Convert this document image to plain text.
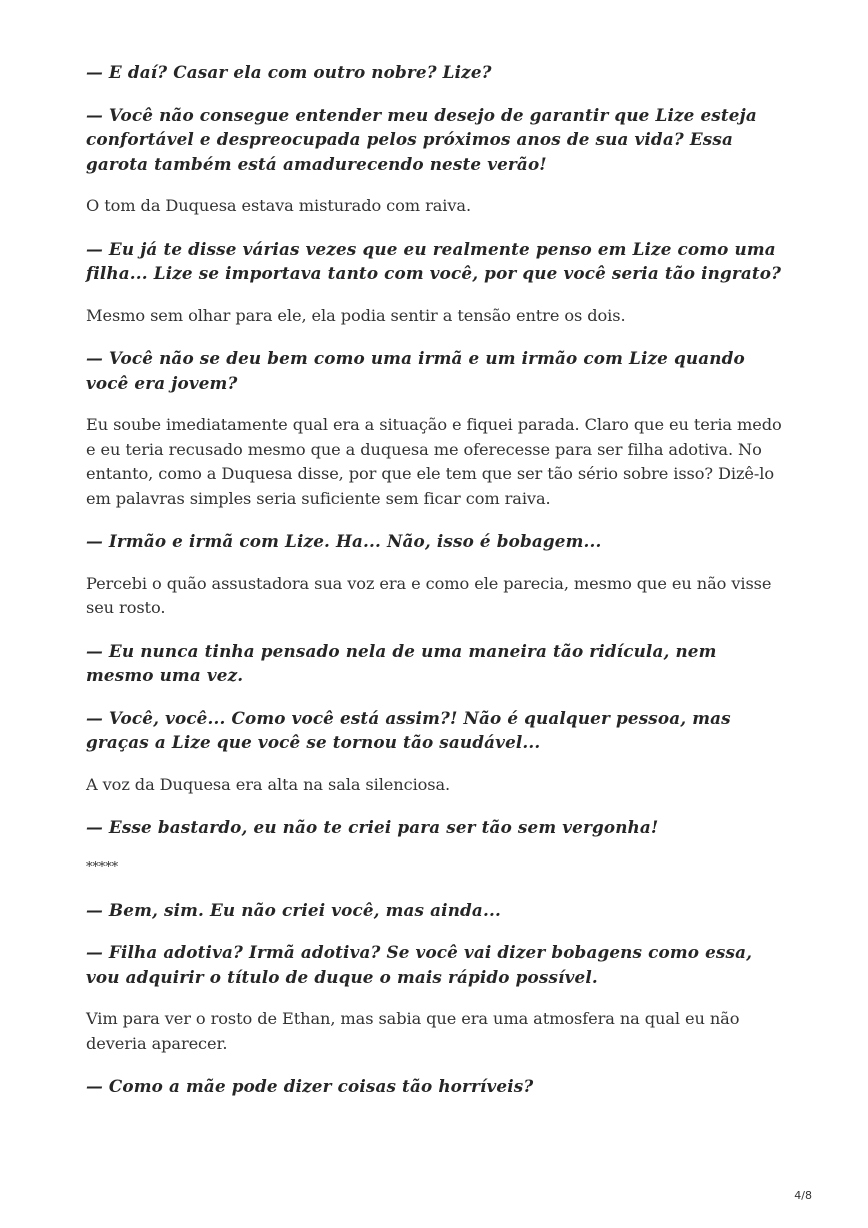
— E daí? Casar ela com outro nobre? Lize?

— Você não consegue entender meu desejo de garantir que Lize esteja confortável e despreocupada pelos próximos anos de sua vida? Essa garota também está amadurecendo neste verão!

O tom da Duquesa estava misturado com raiva.

— Eu já te disse várias vezes que eu realmente penso em Lize como uma filha... Lize se importava tanto com você, por que você seria tão ingrato?

Mesmo sem olhar para ele, ela podia sentir a tensão entre os dois.

— Você não se deu bem como uma irmã e um irmão com Lize quando você era jovem?

Eu soube imediatamente qual era a situação e fiquei parada. Claro que eu teria medo e eu teria recusado mesmo que a duquesa me oferecesse para ser filha adotiva. No entanto, como a Duquesa disse, por que ele tem que ser tão sério sobre isso? Dizê-lo em palavras simples seria suficiente sem ficar com raiva.

— Irmão e irmã com Lize. Ha... Não, isso é bobagem...

Percebi o quão assustadora sua voz era e como ele parecia, mesmo que eu não visse seu rosto.

— Eu nunca tinha pensado nela de uma maneira tão ridícula, nem mesmo uma vez.

— Você, você... Como você está assim?! Não é qualquer pessoa, mas graças a Lize que você se tornou tão saudável...

A voz da Duquesa era alta na sala silenciosa.

— Esse bastardo, eu não te criei para ser tão sem vergonha!

*****

— Bem, sim. Eu não criei você, mas ainda...

— Filha adotiva? Irmã adotiva? Se você vai dizer bobagens como essa, vou adquirir o título de duque o mais rápido possível.

Vim para ver o rosto de Ethan, mas sabia que era uma atmosfera na qual eu não deveria aparecer.

— Como a mãe pode dizer coisas tão horríveis?

4/8
